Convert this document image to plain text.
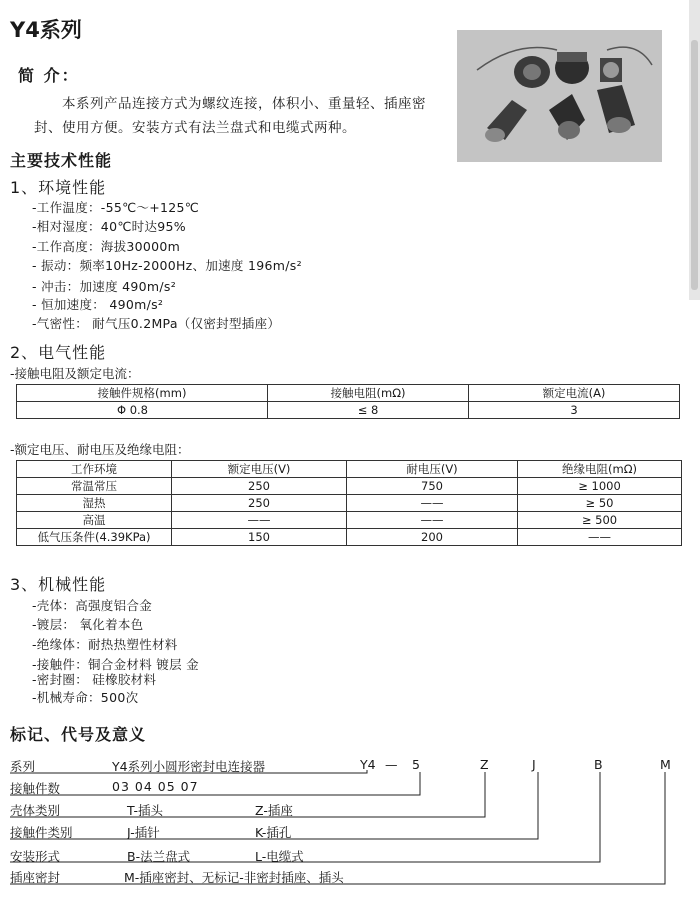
Y4系列
简 介：
  本系列产品连接方式为螺纹连接，体积小、重量轻、插座密封、使用方便。安装方式有法兰盘式和电缆式两种。
主要技术性能
1、环境性能
-工作温度：-55℃～+125℃
-相对湿度：40℃时达95%
-工作高度：海拔30000m
- 振动：频率10Hz-2000Hz、加速度 196m/s²
- 冲击：加速度 490m/s²
- 恒加速度： 490m/s²
-气密性： 耐气压0.2MPa（仅密封型插座）
2、电气性能
-接触电阻及额定电流：
接触件规格(mm)	接触电阻(mΩ)	额定电流(A)
Φ 0.8	≤ 8	3
-额定电压、耐电压及绝缘电阻：
工作环境	额定电压(V)	耐电压(V)	绝缘电阻(mΩ)
常温常压	250	750	≥ 1000
湿热	250	——	≥ 50
高温	——	——	≥ 500
低气压条件(4.39KPa)	150	200	——
3、机械性能
-壳体：高强度铝合金
-镀层： 氧化着本色
-绝缘体：耐热热塑性材料
-接触件：铜合金材料 镀层 金
-密封圈： 硅橡胶材料
-机械寿命：500次
标记、代号及意义
Y4 — 5	Z	J	B	M
系列	Y4系列小圆形密封电连接器
接触件数	03 04 05 07
壳体类别	T-插头	Z-插座
接触件类别	J-插针	K-插孔
安装形式	B-法兰盘式	L-电缆式
插座密封	M-插座密封、无标记-非密封插座、插头
